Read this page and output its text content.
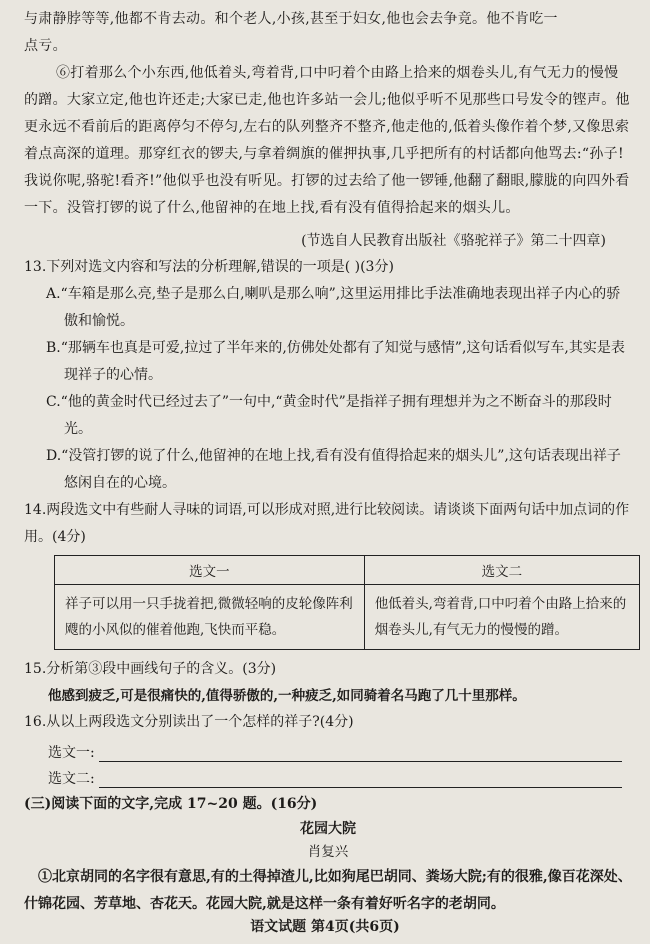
与肃静脖等等,他都不肯去动。和个老人,小孩,甚至于妇女,他也会去争竞。他不肯吃一

点亏。

⑥打着那么个小东西,他低着头,弯着背,口中叼着个由路上拾来的烟卷头儿,有气无力的慢慢的蹭。大家立定,他也许还走;大家已走,他也许多站一会儿;他似乎听不见那些口号发令的铿声。他更永远不看前后的距离停匀不停匀,左右的队列整齐不整齐,他走他的,低着头像作着个梦,又像思索着点高深的道理。那穿红衣的锣夫,与拿着绸旗的催押执事,几乎把所有的村话都向他骂去:“孙子!我说你呢,骆驼!看齐!”他似乎也没有听见。打锣的过去给了他一锣锤,他翻了翻眼,朦胧的向四外看一下。没管打锣的说了什么,他留神的在地上找,看有没有值得拾起来的烟头儿。

(节选自人民教育出版社《骆驼祥子》第二十四章)

13.下列对选文内容和写法的分析理解,错误的一项是( )(3分)

A.“车箱是那么亮,垫子是那么白,喇叭是那么响”,这里运用排比手法准确地表现出祥子内心的骄傲和愉悦。

B.“那辆车也真是可爱,拉过了半年来的,仿佛处处都有了知觉与感情”,这句话看似写车,其实是表现祥子的心情。

C.“他的黄金时代已经过去了”一句中,“黄金时代”是指祥子拥有理想并为之不断奋斗的那段时光。

D.“没管打锣的说了什么,他留神的在地上找,看有没有值得拾起来的烟头儿”,这句话表现出祥子悠闲自在的心境。

14.两段选文中有些耐人寻味的词语,可以形成对照,进行比较阅读。请谈谈下面两句话中加点词的作用。(4分)

选文一	选文二
祥子可以用一只手拢着把,微微轻响的皮轮像阵利飕的小风似的催着他跑,飞快而平稳。	他低着头,弯着背,口中叼着个由路上拾来的烟卷头儿,有气无力的慢慢的蹭。

15.分析第③段中画线句子的含义。(3分)

他感到疲乏,可是很痛快的,值得骄傲的,一种疲乏,如同骑着名马跑了几十里那样。

16.从以上两段选文分别读出了一个怎样的祥子?(4分)

选文一:
选文二:

(三)阅读下面的文字,完成 17~20 题。(16分)

花园大院

肖复兴

①北京胡同的名字很有意思,有的土得掉渣儿,比如狗尾巴胡同、粪场大院;有的很雅,像百花深处、什锦花园、芳草地、杏花天。花园大院,就是这样一条有着好听名字的老胡同。

语文试题 第4页(共6页)
